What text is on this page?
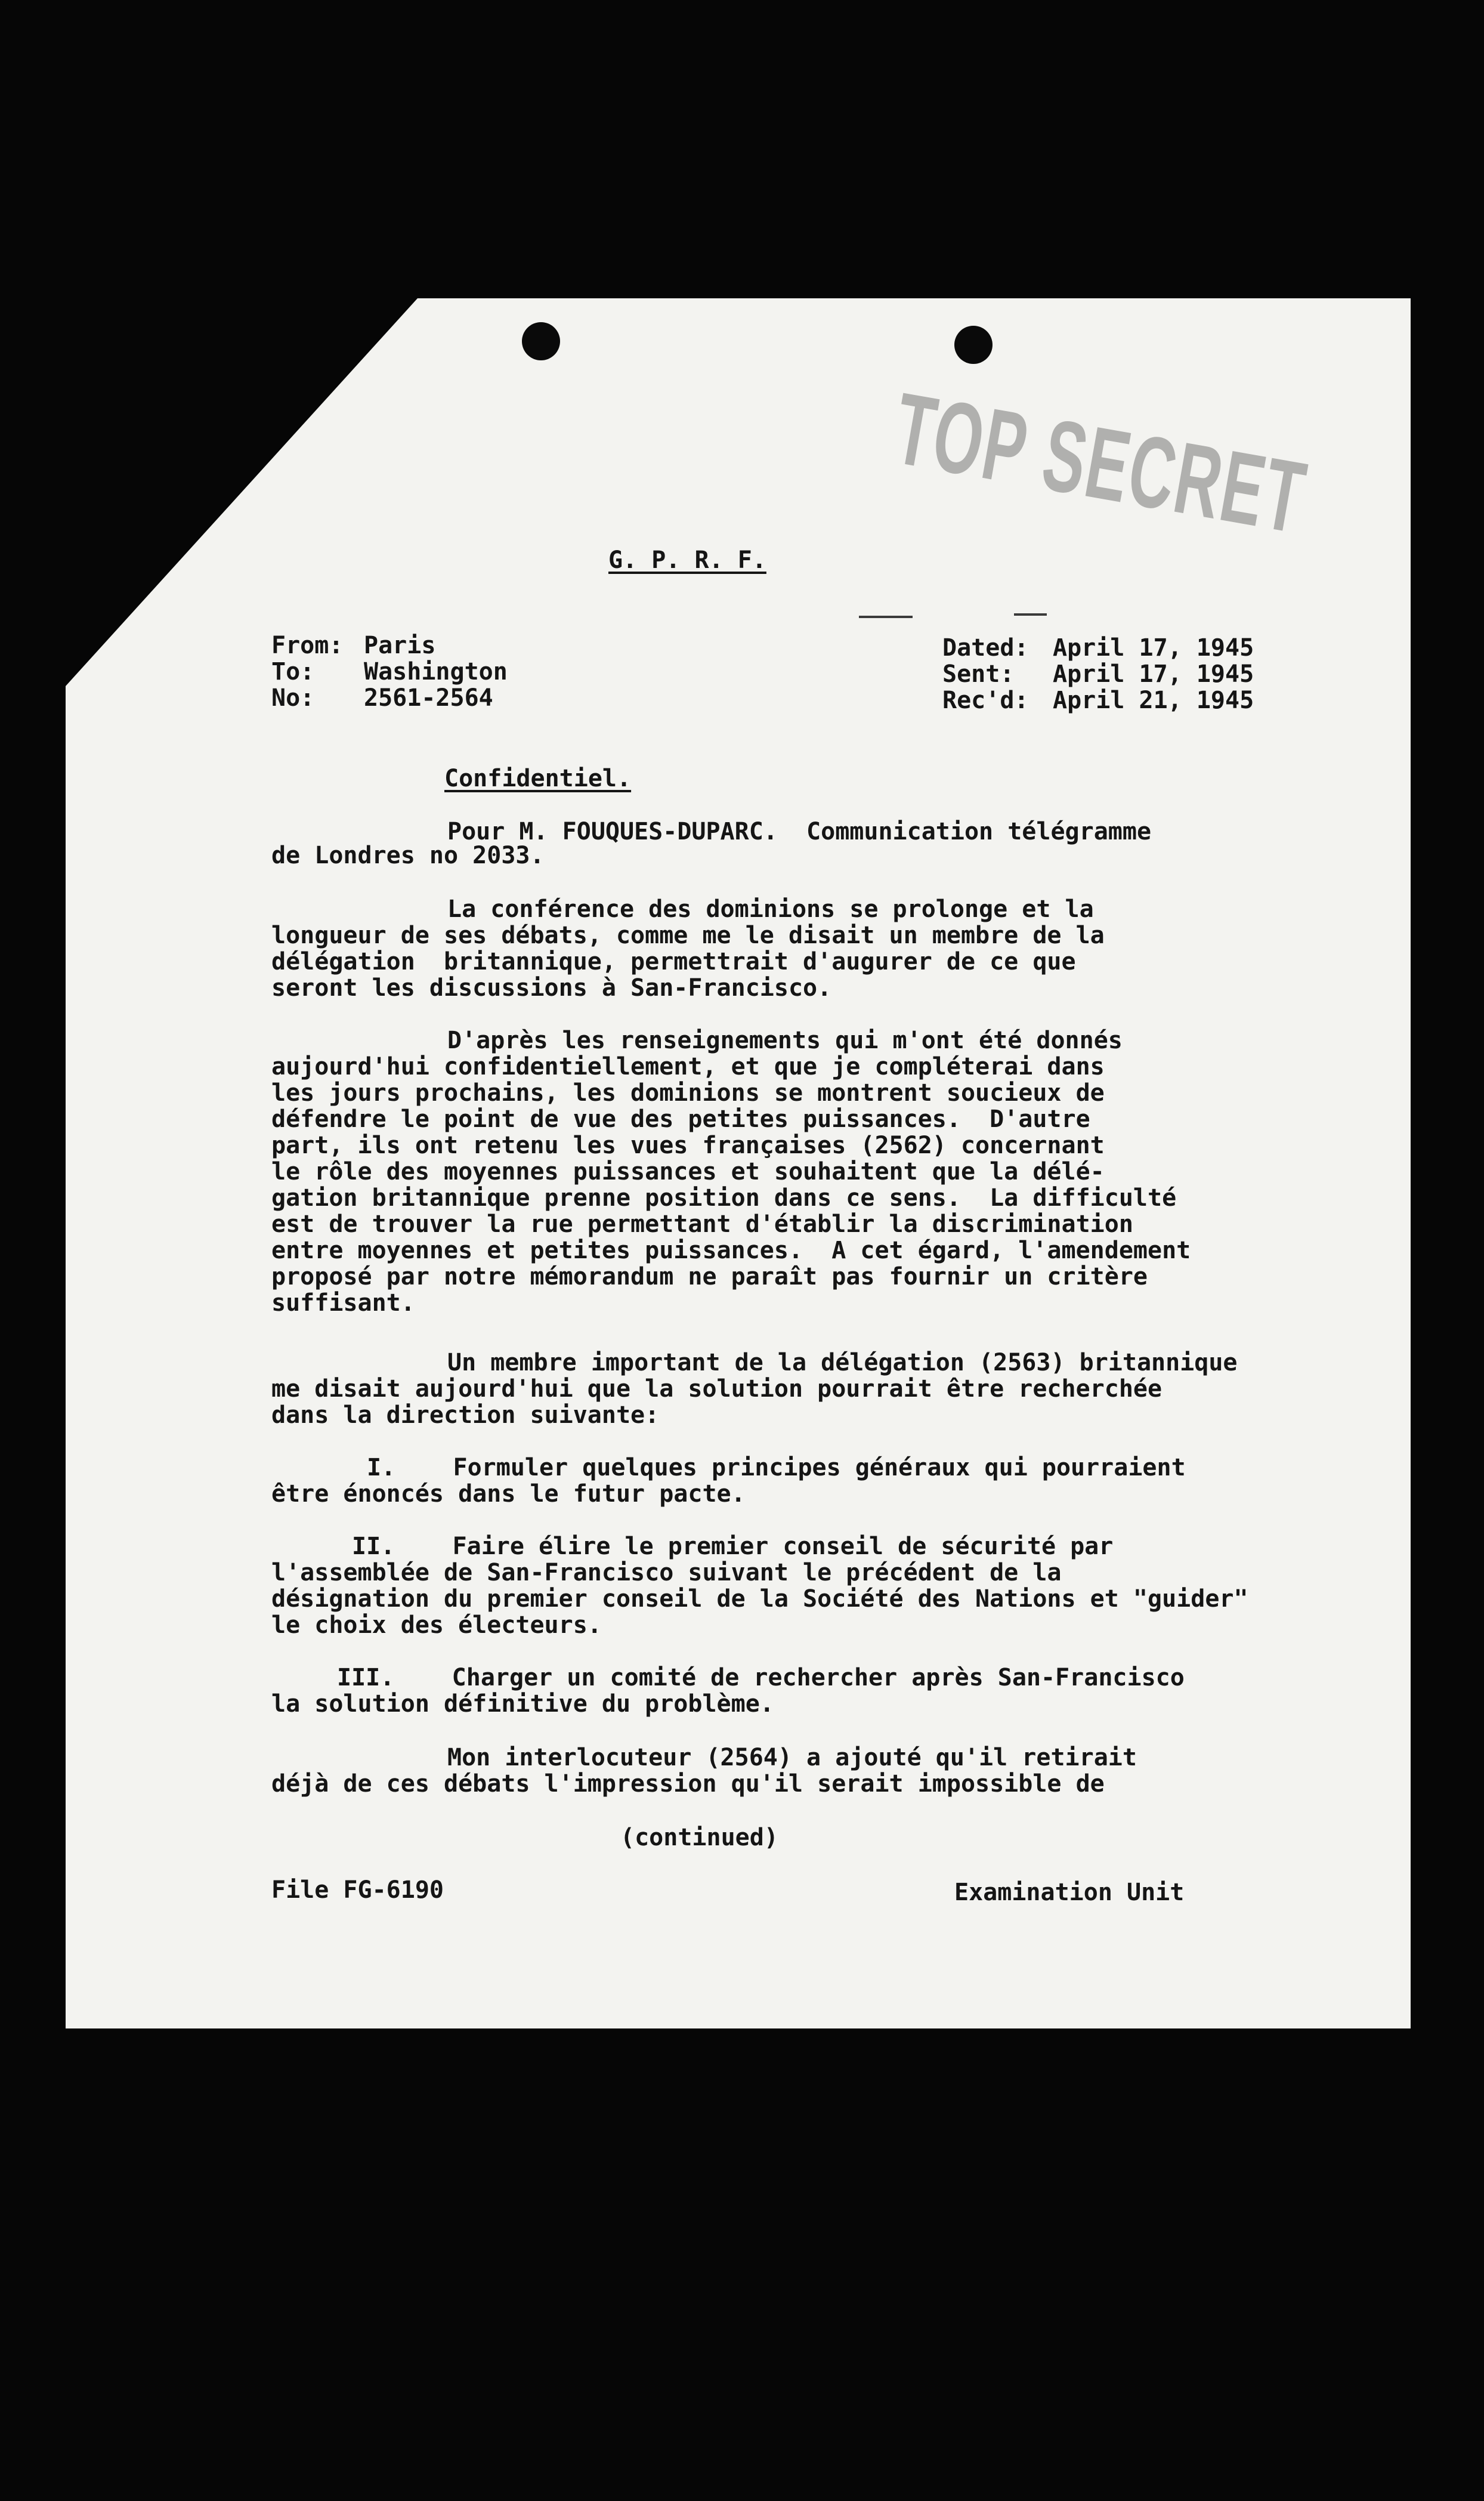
TOP SECRET
G. P. R. F.
From: Paris
To: Washington
No: 2561-2564
Dated: April 17, 1945
Sent: April 17, 1945
Rec'd: April 21, 1945
Confidentiel.
Pour M. FOUQUES-DUPARC.  Communication télégramme
de Londres no 2033.
La conférence des dominions se prolonge et la
longueur de ses débats, comme me le disait un membre de la
délégation  britannique, permettrait d'augurer de ce que
seront les discussions à San-Francisco.
D'après les renseignements qui m'ont été donnés
aujourd'hui confidentiellement, et que je compléterai dans
les jours prochains, les dominions se montrent soucieux de
défendre le point de vue des petites puissances.  D'autre
part, ils ont retenu les vues françaises (2562) concernant
le rôle des moyennes puissances et souhaitent que la délé-
gation britannique prenne position dans ce sens.  La difficulté
est de trouver la rue permettant d'établir la discrimination
entre moyennes et petites puissances.  A cet égard, l'amendement
proposé par notre mémorandum ne paraît pas fournir un critère
suffisant.
Un membre important de la délégation (2563) britannique
me disait aujourd'hui que la solution pourrait être recherchée
dans la direction suivante:
I.    Formuler quelques principes généraux qui pourraient
être énoncés dans le futur pacte.
II.    Faire élire le premier conseil de sécurité par
l'assemblée de San-Francisco suivant le précédent de la
désignation du premier conseil de la Société des Nations et "guider"
le choix des électeurs.
III.    Charger un comité de rechercher après San-Francisco
la solution définitive du problème.
Mon interlocuteur (2564) a ajouté qu'il retirait
déjà de ces débats l'impression qu'il serait impossible de
(continued)
File FG-6190	Examination Unit
